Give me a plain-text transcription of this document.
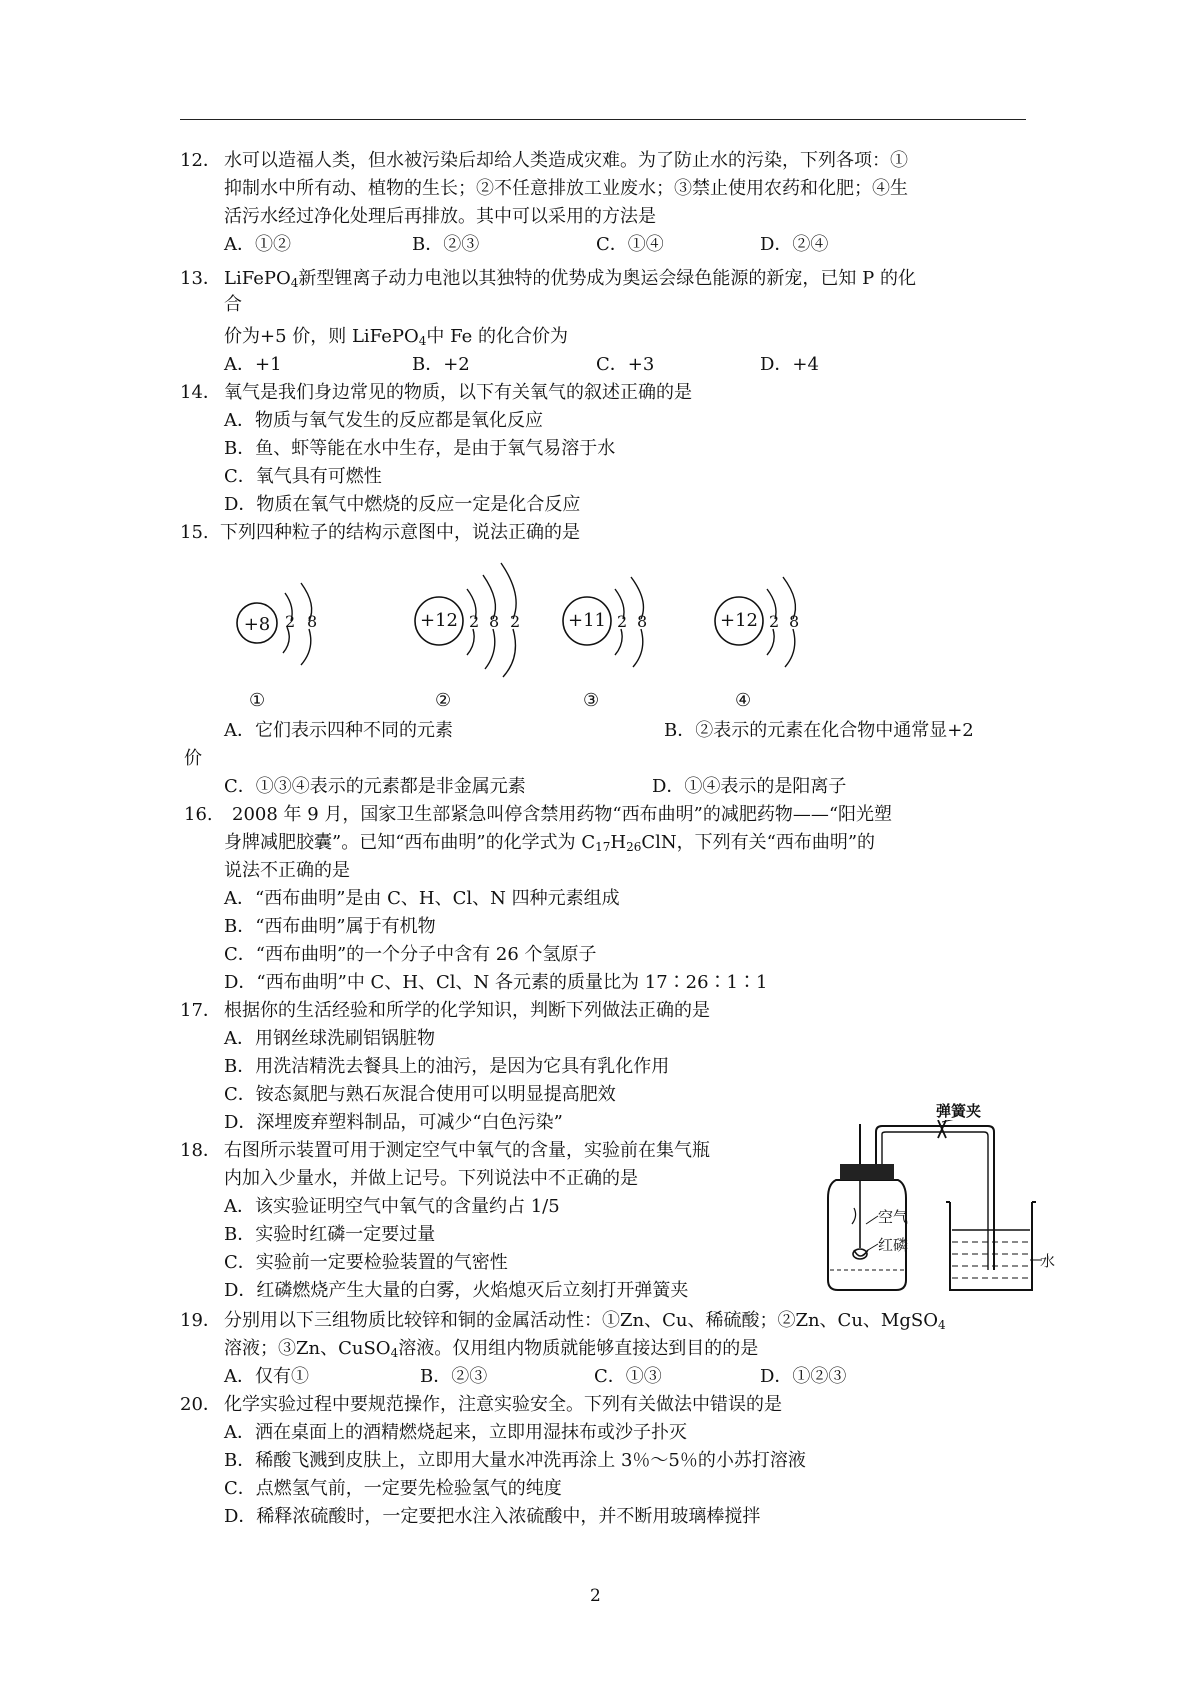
12． 水可以造福人类，但水被污染后却给人类造成灾难。为了防止水的污染，下列各项：①
抑制水中所有动、植物的生长；②不任意排放工业废水；③禁止使用农药和化肥；④生
活污水经过净化处理后再排放。其中可以采用的方法是
A．①②	B．②③	C．①④	D．②④
13． LiFePO$_4$新型锂离子动力电池以其独特的优势成为奥运会绿色能源的新宠，已知 P 的化
合
价为+5 价，则 LiFePO$_4$中 Fe 的化合价为
A．+1	B．+2	C．+3	D．+4
14． 氧气是我们身边常见的物质，以下有关氧气的叙述正确的是
A．物质与氧气发生的反应都是氧化反应
B．鱼、虾等能在水中生存，是由于氧气易溶于水
C．氧气具有可燃性
D．物质在氧气中燃烧的反应一定是化合反应
15. 下列四种粒子的结构示意图中，说法正确的是
+8 2 8
①
+12 2 8 2
②
+11 2 8
③
+12 2 8
④
A．它们表示四种不同的元素	B．②表示的元素在化合物中通常显+2
价
C．①③④表示的元素都是非金属元素	D．①④表示的是阳离子
16. 2008 年 9 月，国家卫生部紧急叫停含禁用药物“西布曲明”的减肥药物——“阳光塑
身牌减肥胶囊”。已知“西布曲明”的化学式为 $C_{17}H_{26}ClN$，下列有关“西布曲明”的
说法不正确的是
A．“西布曲明”是由 C、H、Cl、N 四种元素组成
B．“西布曲明”属于有机物
C．“西布曲明”的一个分子中含有 26 个氢原子
D．“西布曲明”中 C、H、Cl、N 各元素的质量比为 17∶26∶1∶1
17． 根据你的生活经验和所学的化学知识，判断下列做法正确的是
A．用钢丝球洗刷铝锅脏物
B．用洗洁精洗去餐具上的油污，是因为它具有乳化作用
C．铵态氮肥与熟石灰混合使用可以明显提高肥效
D．深埋废弃塑料制品，可减少“白色污染”
18． 右图所示装置可用于测定空气中氧气的含量，实验前在集气瓶
内加入少量水，并做上记号。下列说法中不正确的是
A．该实验证明空气中氧气的含量约占 1/5
B．实验时红磷一定要过量
C．实验前一定要检验装置的气密性
D．红磷燃烧产生大量的白雾，火焰熄灭后立刻打开弹簧夹
弹簧夹
空气
红磷
水
19． 分别用以下三组物质比较锌和铜的金属活动性：①Zn、Cu、稀硫酸；②Zn、Cu、MgSO$_4$
溶液；③Zn、CuSO$_4$溶液。仅用组内物质就能够直接达到目的的是
A．仅有①	B．②③	C．①③	D．①②③
20． 化学实验过程中要规范操作，注意实验安全。下列有关做法中错误的是
A．洒在桌面上的酒精燃烧起来，立即用湿抹布或沙子扑灭
B．稀酸飞溅到皮肤上，立即用大量水冲洗再涂上 3％～5％的小苏打溶液
C．点燃氢气前，一定要先检验氢气的纯度
D．稀释浓硫酸时，一定要把水注入浓硫酸中，并不断用玻璃棒搅拌
2
